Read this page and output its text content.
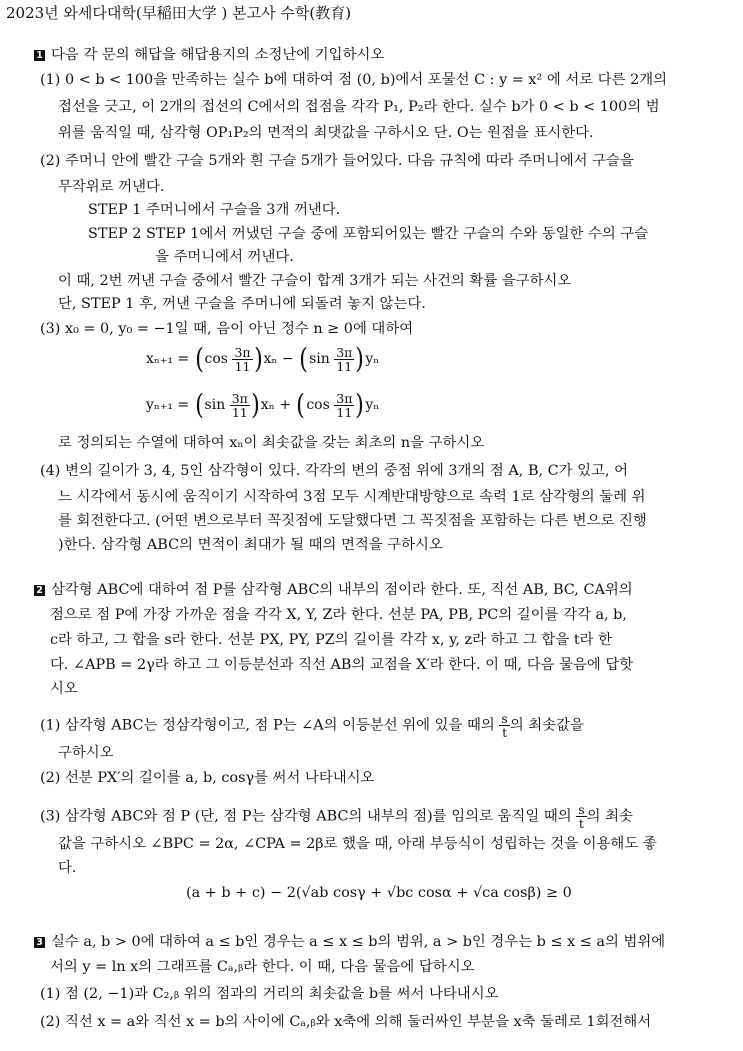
2023년 와세다대학(早稲田大学 ) 본고사 수학(教育)
1 다음 각 문의 해답을 해답용지의 소정난에 기입하시오
(1) 0 < b < 100을 만족하는 실수 b에 대하여 점 (0, b)에서 포물선 C : y = x² 에 서로 다른 2개의
접선을 긋고, 이 2개의 접선의 C에서의 접점을 각각 P₁, P₂라 한다. 실수 b가 0 < b < 100의 범
위를 움직일 때, 삼각형 OP₁P₂의 면적의 최댓값을 구하시오 단. O는 원점을 표시한다.
(2) 주머니 안에 빨간 구슬 5개와 흰 구슬 5개가 들어있다. 다음 규칙에 따라 주머니에서 구슬을
무작위로 꺼낸다.
STEP 1 주머니에서 구슬을 3개 꺼낸다.
STEP 2 STEP 1에서 꺼냈던 구슬 중에 포함되어있는 빨간 구슬의 수와 동일한 수의 구슬
을 주머니에서 꺼낸다.
이 때, 2번 꺼낸 구슬 중에서 빨간 구슬이 합계 3개가 되는 사건의 확률 을구하시오
단, STEP 1 후, 꺼낸 구슬을 주머니에 되돌려 놓지 않는다.
(3) x₀ = 0, y₀ = −1일 때, 음이 아닌 정수 n ≥ 0에 대하여
$x_{n+1} = (\cos \frac{3\pi}{11} )x_n - (\sin \frac{3\pi}{11} )y_n$
$y_{n+1} = (\sin \frac{3\pi}{11} )x_n + (\cos \frac{3\pi}{11} )y_n$
로 정의되는 수열에 대하여 xₙ이 최솟값을 갖는 최초의 n을 구하시오
(4) 변의 길이가 3, 4, 5인 삼각형이 있다. 각각의 변의 중점 위에 3개의 점 A, B, C가 있고, 어
느 시각에서 동시에 움직이기 시작하여 3점 모두 시계반대방향으로 속력 1로 삼각형의 둘레 위
를 회전한다고. (어떤 변으로부터 꼭짓점에 도달했다면 그 꼭짓점을 포함하는 다른 변으로 진행
)한다. 삼각형 ABC의 면적이 최대가 될 때의 면적을 구하시오
2 삼각형 ABC에 대하여 점 P를 삼각형 ABC의 내부의 점이라 한다. 또, 직선 AB, BC, CA위의
점으로 점 P에 가장 가까운 점을 각각 X, Y, Z라 한다. 선분 PA, PB, PC의 길이를 각각 a, b,
c라 하고, 그 합을 s라 한다. 선분 PX, PY, PZ의 길이를 각각 x, y, z라 하고 그 합을 t라 한
다. ∠APB = 2γ라 하고 그 이등분선과 직선 AB의 교점을 X′라 한다. 이 때, 다음 물음에 답핫
시오
(1) 삼각형 ABC는 정삼각형이고, 점 P는 ∠A의 이등분선 위에 있을 때의 $\frac{s}{t}$ 의 최솟값을
구하시오
(2) 선분 PX′의 길이를 a, b, cosγ를 써서 나타내시오
(3) 삼각형 ABC와 점 P (단, 점 P는 삼각형 ABC의 내부의 점)를 임의로 움직일 때의 $\frac{s}{t}$ 의 최솟
값을 구하시오 ∠BPC = 2α, ∠CPA = 2β로 했을 때, 아래 부등식이 성립하는 것을 이용해도 좋
다.
(a + b + c) − 2(√ab cosγ + √bc cosα + √ca cosβ) ≥ 0
3 실수 a, b > 0에 대하여 a ≤ b인 경우는 a ≤ x ≤ b의 범위, a > b인 경우는 b ≤ x ≤ a의 범위에
서의 y = ln x의 그래프를 Cₐ,ᵦ라 한다. 이 때, 다음 물음에 답하시오
(1) 점 (2, −1)과 C₂,ᵦ 위의 점과의 거리의 최솟값을 b를 써서 나타내시오
(2) 직선 x = a와 직선 x = b의 사이에 Cₐ,ᵦ와 x축에 의해 둘러싸인 부분을 x축 둘레로 1회전해서
